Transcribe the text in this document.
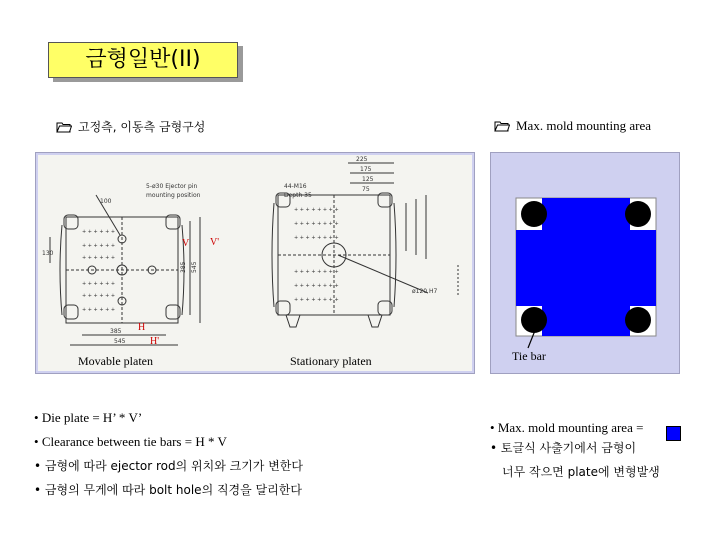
금형일반(II)
고정측, 이동측 금형구성	Max. mold mounting area
+ + + + + +
+ + + + + +
+ + + + + +
+ + + + + +
+ + + + + +
+ + + + + +
5-ø30 Ejector pin
mounting position
100
130
385 545
385
545
+ + + + + + + +
+ + + + + + + +
+ + + + + + + +
+ + + + + + + +
+ + + + + + + +
+ + + + + + + +
44-M16
Depth 35
225
175
125
75
ø120 H7
V V'
H
H'
Movable platen	Stationary platen	Tie bar
• Die plate = H’ * V’
• Clearance between tie bars = H * V
• 금형에 따라 ejector rod의 위치와 크기가 변한다
• 금형의 무게에 따라 bolt hole의 직경을 달리한다
• Max. mold mounting area =
• 토글식 사출기에서 금형이
너무 작으면 plate에 변형발생
